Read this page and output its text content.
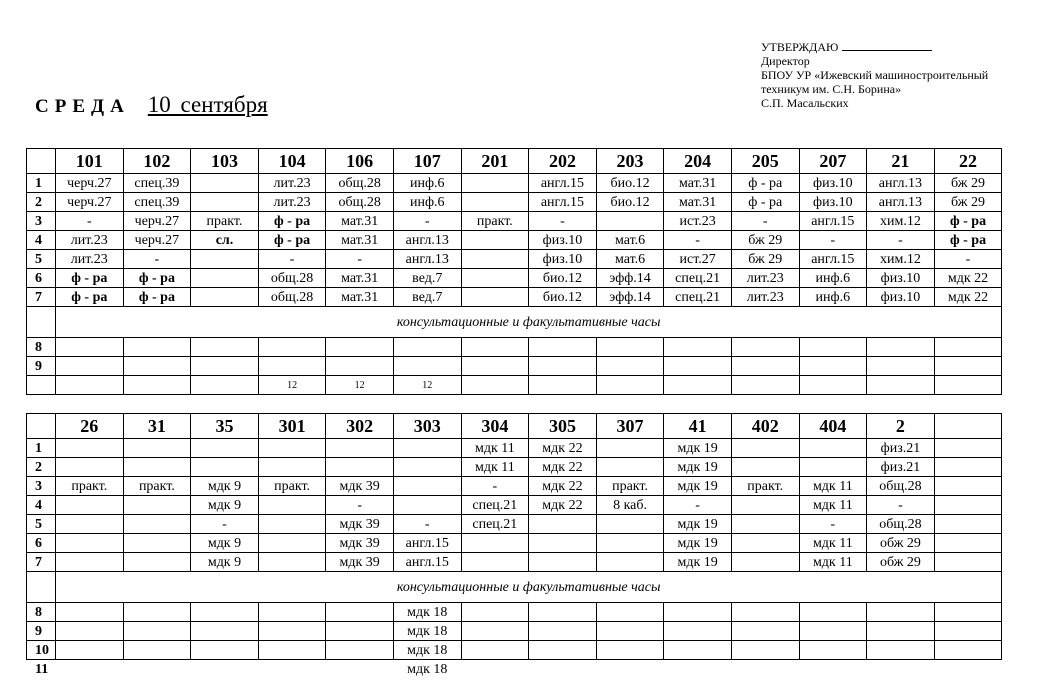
УТВЕРЖДАЮ
Директор
БПОУ УР «Ижевский машиностроительный
техникум им. С.Н. Борина»
С.П. Масальских
СРЕДА 10 сентября
	101	102	103	104	106	107	201	202	203	204	205	207	21	22
1	черч.27	спец.39		лит.23	общ.28	инф.6		англ.15	био.12	мат.31	ф - ра	физ.10	англ.13	бж 29
2	черч.27	спец.39		лит.23	общ.28	инф.6		англ.15	био.12	мат.31	ф - ра	физ.10	англ.13	бж 29
3	-	черч.27	практ.	ф - ра	мат.31	-	практ.	-		ист.23	-	англ.15	хим.12	ф - ра
4	лит.23	черч.27	сл.	ф - ра	мат.31	англ.13		физ.10	мат.6	-	бж 29	-	-	ф - ра
5	лит.23	-		-	-	англ.13		физ.10	мат.6	ист.27	бж 29	англ.15	хим.12	-
6	ф - ра	ф - ра		общ.28	мат.31	вед.7		био.12	эфф.14	спец.21	лит.23	инф.6	физ.10	мдк 22
7	ф - ра	ф - ра		общ.28	мат.31	вед.7		био.12	эфф.14	спец.21	лит.23	инф.6	физ.10	мдк 22
	консультационные и факультативные часы													
8														
9														
				12	12	12								
	26	31	35	301	302	303	304	305	307	41	402	404	2	
1							мдк 11	мдк 22		мдк 19			физ.21	
2							мдк 11	мдк 22		мдк 19			физ.21	
3	практ.	практ.	мдк 9	практ.	мдк 39		-	мдк 22	практ.	мдк 19	практ.	мдк 11	общ.28	
4			мдк 9		-		спец.21	мдк 22	8 каб.	-		мдк 11	-	
5			-		мдк 39	-	спец.21			мдк 19		-	общ.28	
6			мдк 9		мдк 39	англ.15				мдк 19		мдк 11	обж 29	
7			мдк 9		мдк 39	англ.15				мдк 19		мдк 11	обж 29	
	консультационные и факультативные часы													
8						мдк 18								
9						мдк 18								
10						мдк 18								
11						мдк 18								
